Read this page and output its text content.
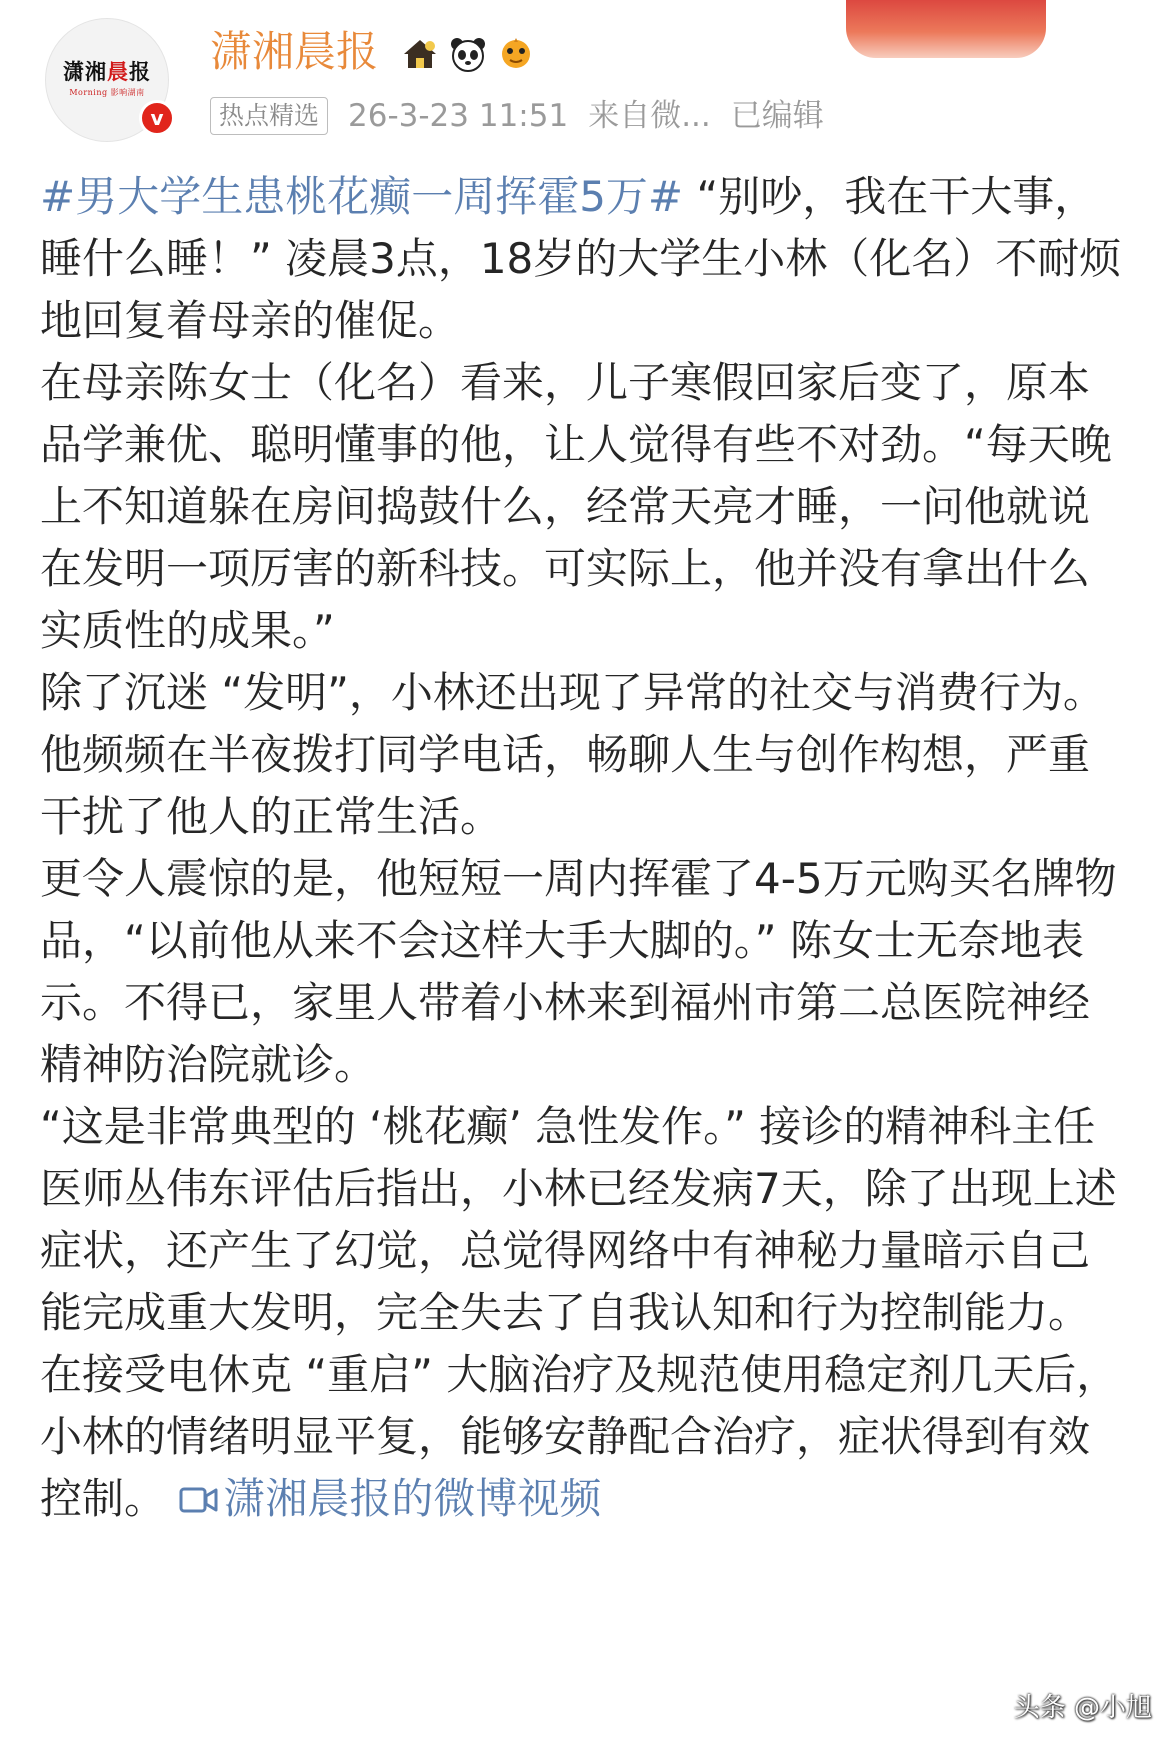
潇湘晨报
Morning 影响湖南
v
潇湘晨报
热点精选 26-3-23 11:51 来自微... 已编辑

#男大学生患桃花癫一周挥霍5万# “别吵，我在干大事，睡什么睡！” 凌晨3点，18岁的大学生小林（化名）不耐烦地回复着母亲的催促。

在母亲陈女士（化名）看来，儿子寒假回家后变了，原本品学兼优、聪明懂事的他，让人觉得有些不对劲。“每天晚上不知道躲在房间捣鼓什么，经常天亮才睡，一问他就说在发明一项厉害的新科技。可实际上，他并没有拿出什么实质性的成果。”

除了沉迷 “发明”，小林还出现了异常的社交与消费行为。他频频在半夜拨打同学电话，畅聊人生与创作构想，严重干扰了他人的正常生活。

更令人震惊的是，他短短一周内挥霍了4-5万元购买名牌物品，“以前他从来不会这样大手大脚的。” 陈女士无奈地表示。不得已，家里人带着小林来到福州市第二总医院神经精神防治院就诊。

“这是非常典型的 ‘桃花癫’ 急性发作。” 接诊的精神科主任医师丛伟东评估后指出，小林已经发病7天，除了出现上述症状，还产生了幻觉，总觉得网络中有神秘力量暗示自己能完成重大发明，完全失去了自我认知和行为控制能力。

在接受电休克 “重启” 大脑治疗及规范使用稳定剂几天后，小林的情绪明显平复，能够安静配合治疗，症状得到有效控制。 潇湘晨报的微博视频

头条 @小旭
